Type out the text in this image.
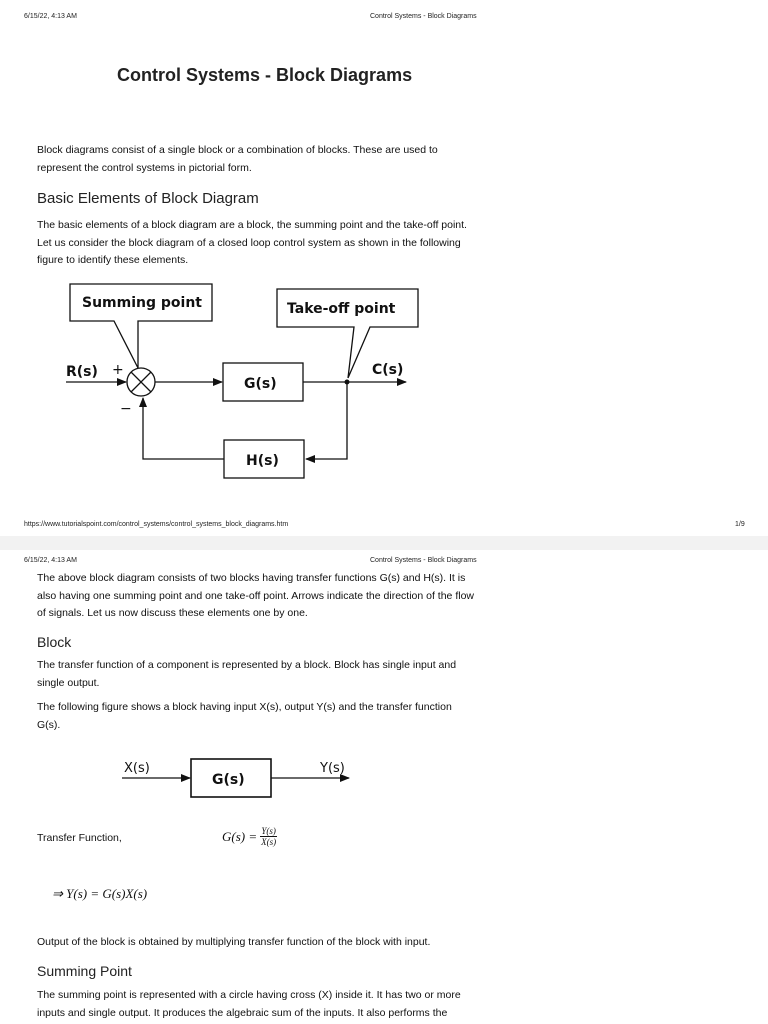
6/15/22, 4:13 AM	Control Systems - Block Diagrams
Control Systems - Block Diagrams
Block diagrams consist of a single block or a combination of blocks. These are used to
represent the control systems in pictorial form.
Basic Elements of Block Diagram
The basic elements of a block diagram are a block, the summing point and the take-off point.
Let us consider the block diagram of a closed loop control system as shown in the following
figure to identify these elements.
Summing point	Take-off point
R(s) +
−
G(s)
C(s)
H(s)
https://www.tutorialspoint.com/control_systems/control_systems_block_diagrams.htm	1/9
6/15/22, 4:13 AM	Control Systems - Block Diagrams
The above block diagram consists of two blocks having transfer functions G(s) and H(s). It is
also having one summing point and one take-off point. Arrows indicate the direction of the flow
of signals. Let us now discuss these elements one by one.
Block
The transfer function of a component is represented by a block. Block has single input and
single output.
The following figure shows a block having input X(s), output Y(s) and the transfer function
G(s).
X(s)
G(s)
Y(s)
Transfer Function,	$G(s) = \frac{Y(s)}{X(s)}$
⇒ Y(s) = G(s)X(s)
Output of the block is obtained by multiplying transfer function of the block with input.
Summing Point
The summing point is represented with a circle having cross (X) inside it. It has two or more
inputs and single output. It produces the algebraic sum of the inputs. It also performs the
